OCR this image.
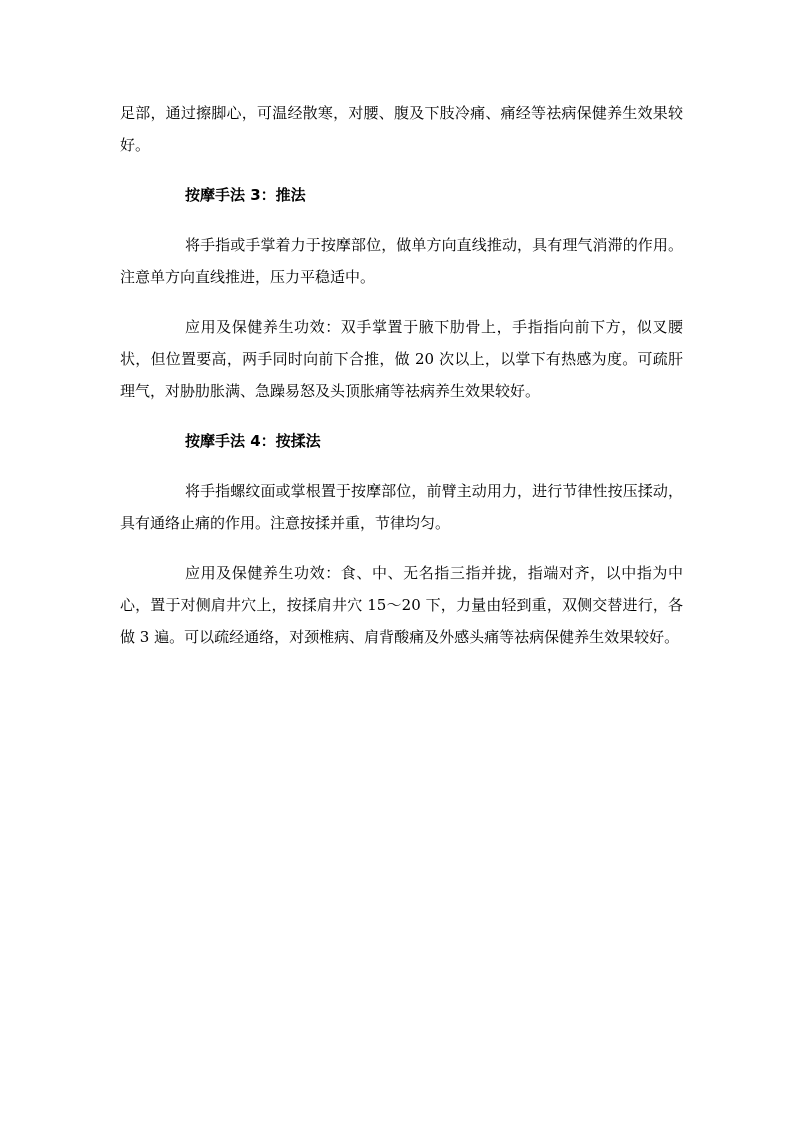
足部，通过擦脚心，可温经散寒，对腰、腹及下肢冷痛、痛经等祛病保健养生效果较好。

按摩手法 3：推法

将手指或手掌着力于按摩部位，做单方向直线推动，具有理气消滞的作用。注意单方向直线推进，压力平稳适中。

应用及保健养生功效：双手掌置于腋下肋骨上，手指指向前下方，似叉腰状，但位置要高，两手同时向前下合推，做 20 次以上，以掌下有热感为度。可疏肝理气，对胁肋胀满、急躁易怒及头顶胀痛等祛病养生效果较好。

按摩手法 4：按揉法

将手指螺纹面或掌根置于按摩部位，前臂主动用力，进行节律性按压揉动，具有通络止痛的作用。注意按揉并重，节律均匀。

应用及保健养生功效：食、中、无名指三指并拢，指端对齐，以中指为中心，置于对侧肩井穴上，按揉肩井穴 15～20 下，力量由轻到重，双侧交替进行，各做 3 遍。可以疏经通络，对颈椎病、肩背酸痛及外感头痛等祛病保健养生效果较好。
